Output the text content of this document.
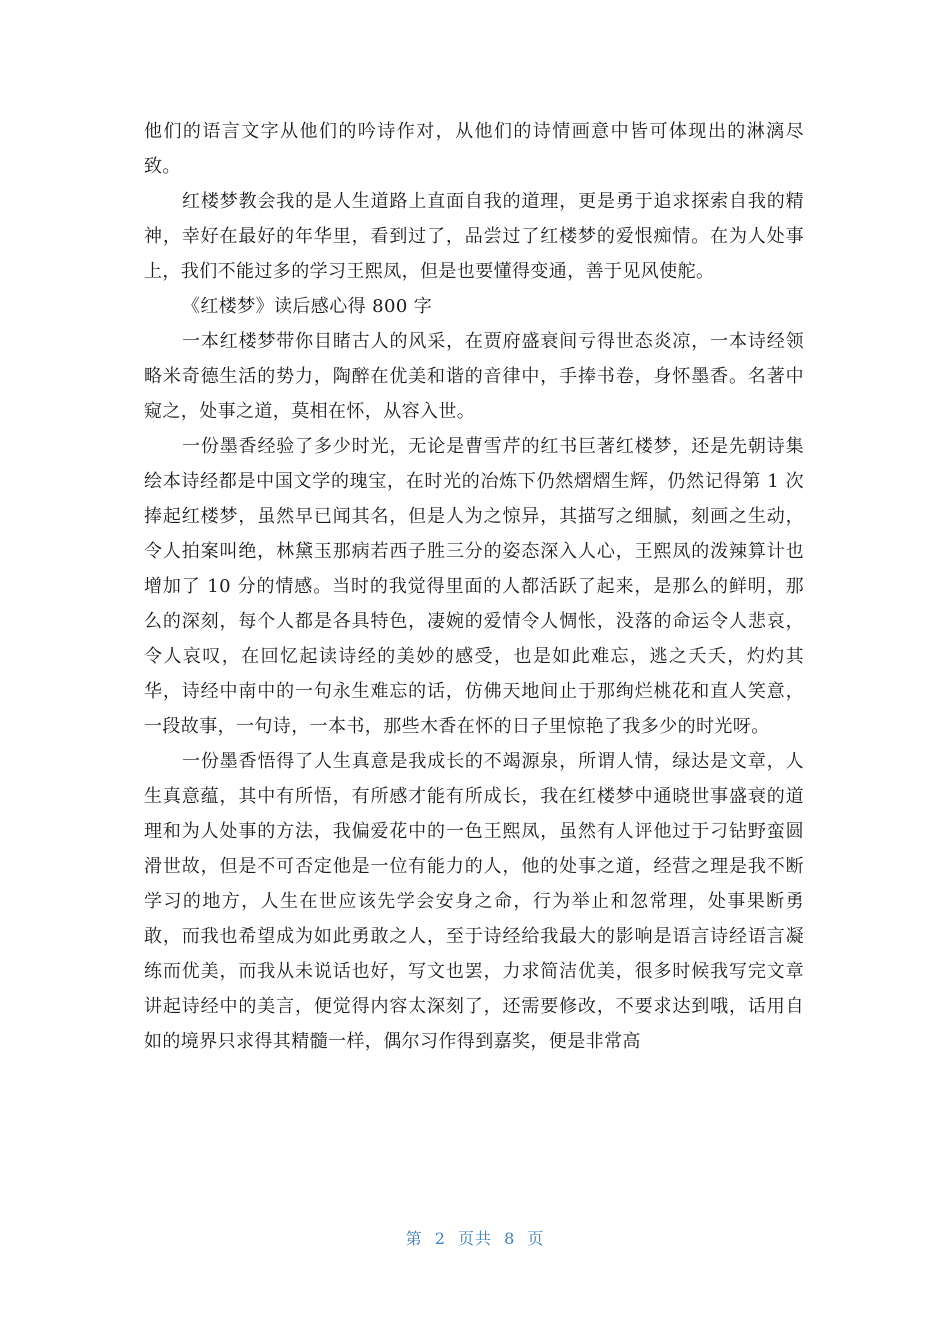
他们的语言文字从他们的吟诗作对，从他们的诗情画意中皆可体现出的淋漓尽致。

红楼梦教会我的是人生道路上直面自我的道理，更是勇于追求探索自我的精神，幸好在最好的年华里，看到过了，品尝过了红楼梦的爱恨痴情。在为人处事上，我们不能过多的学习王熙凤，但是也要懂得变通，善于见风使舵。

《红楼梦》读后感心得 800 字

一本红楼梦带你目睹古人的风采，在贾府盛衰间亏得世态炎凉，一本诗经领略米奇德生活的势力，陶醉在优美和谐的音律中，手捧书卷，身怀墨香。名著中窥之，处事之道，莫相在怀，从容入世。

一份墨香经验了多少时光，无论是曹雪芹的红书巨著红楼梦，还是先朝诗集绘本诗经都是中国文学的瑰宝，在时光的冶炼下仍然熠熠生辉，仍然记得第 1 次捧起红楼梦，虽然早已闻其名，但是人为之惊异，其描写之细腻，刻画之生动，令人拍案叫绝，林黛玉那病若西子胜三分的姿态深入人心，王熙凤的泼辣算计也增加了 10 分的情感。当时的我觉得里面的人都活跃了起来，是那么的鲜明，那么的深刻，每个人都是各具特色，凄婉的爱情令人惆怅，没落的命运令人悲哀，令人哀叹，在回忆起读诗经的美妙的感受，也是如此难忘，逃之夭夭，灼灼其华，诗经中南中的一句永生难忘的话，仿佛天地间止于那绚烂桃花和直人笑意，一段故事，一句诗，一本书，那些木香在怀的日子里惊艳了我多少的时光呀。

一份墨香悟得了人生真意是我成长的不竭源泉，所谓人情，绿达是文章，人生真意蕴，其中有所悟，有所感才能有所成长，我在红楼梦中通晓世事盛衰的道理和为人处事的方法，我偏爱花中的一色王熙凤，虽然有人评他过于刁钻野蛮圆滑世故，但是不可否定他是一位有能力的人，他的处事之道，经营之理是我不断学习的地方，人生在世应该先学会安身之命，行为举止和忽常理，处事果断勇敢，而我也希望成为如此勇敢之人，至于诗经给我最大的影响是语言诗经语言凝练而优美，而我从未说话也好，写文也罢，力求简洁优美，很多时候我写完文章讲起诗经中的美言，便觉得内容太深刻了，还需要修改，不要求达到哦，话用自如的境界只求得其精髓一样，偶尔习作得到嘉奖，便是非常高

第 2 页共 8 页
